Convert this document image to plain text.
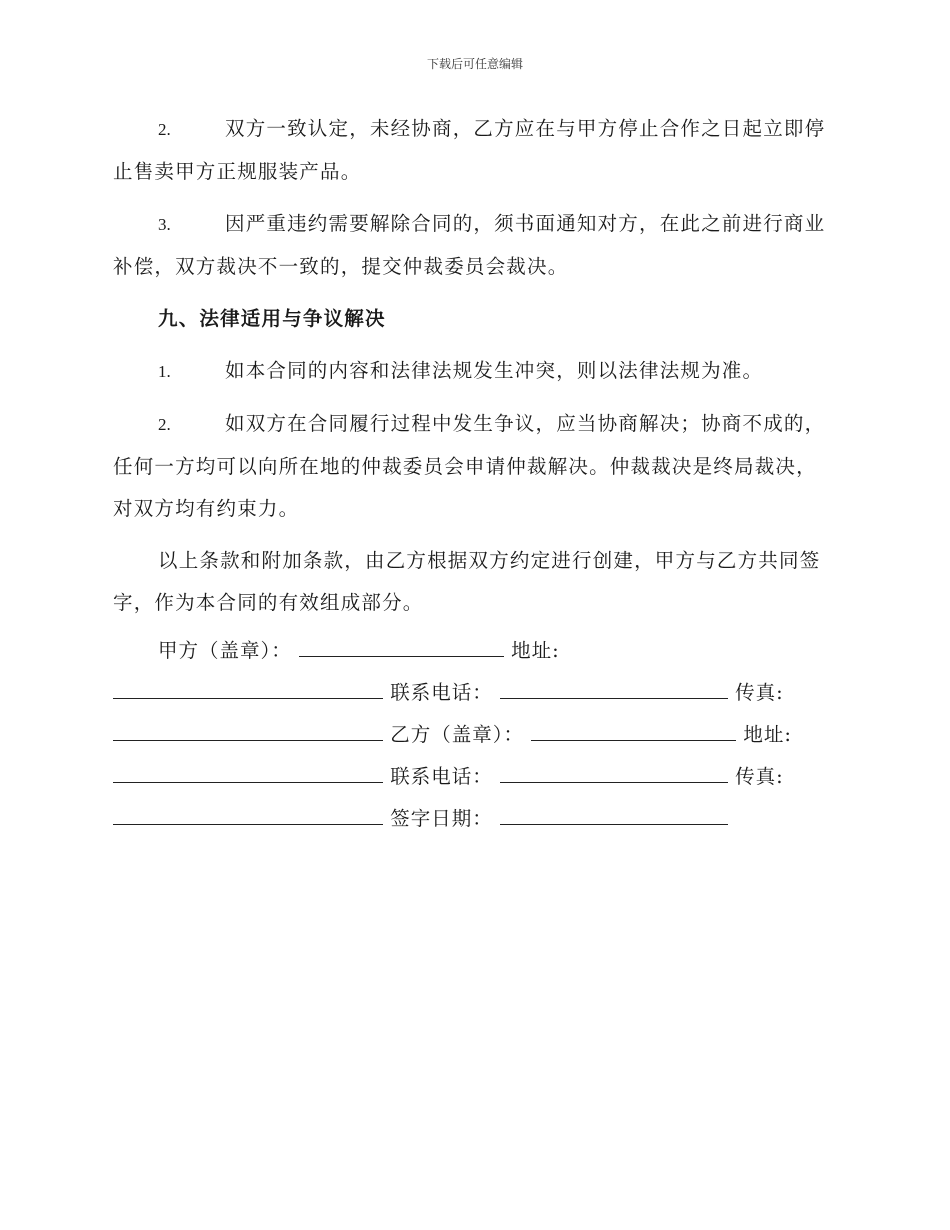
下载后可任意编辑

2.	双方一致认定，未经协商，乙方应在与甲方停止合作之日起立即停止售卖甲方正规服装产品。

3.	因严重违约需要解除合同的，须书面通知对方，在此之前进行商业补偿，双方裁决不一致的，提交仲裁委员会裁决。

九、法律适用与争议解决

1.	如本合同的内容和法律法规发生冲突，则以法律法规为准。

2.	如双方在合同履行过程中发生争议，应当协商解决；协商不成的，任何一方均可以向所在地的仲裁委员会申请仲裁解决。仲裁裁决是终局裁决，对双方均有约束力。

以上条款和附加条款，由乙方根据双方约定进行创建，甲方与乙方共同签字，作为本合同的有效组成部分。

甲方（盖章）：	地址:
联系电话：	传真:
乙方（盖章）：	地址:
联系电话：	传真:
签字日期：
